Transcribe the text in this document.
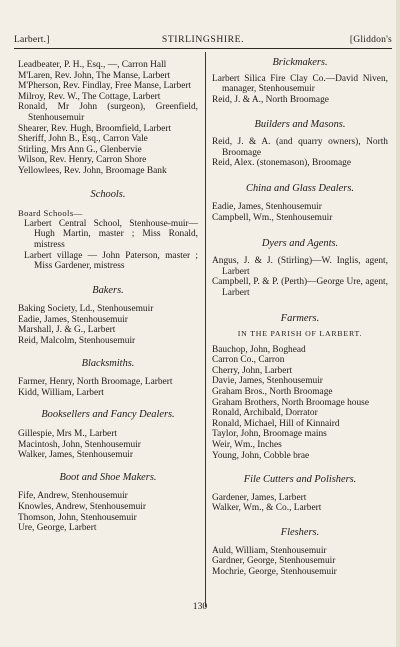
Larbert.]	STIRLINGSHIRE.	[Gliddon's
Leadbeater, P. H., Esq., —, Carron Hall
M'Laren, Rev. John, The Manse, Larbert
M'Pherson, Rev. Findlay, Free Manse, Larbert
Milroy, Rev. W., The Cottage, Larbert
Ronald, Mr John (surgeon), Greenfield, Stenhousemuir
Shearer, Rev. Hugh, Broomfield, Larbert
Sheriff, John B., Esq., Carron Vale
Stirling, Mrs Ann G., Glenbervie
Wilson, Rev. Henry, Carron Shore
Yellowlees, Rev. John, Broomage Bank

Schools.

Board Schools—
Larbert Central School, Stenhouse-muir—Hugh Martin, master ; Miss Ronald, mistress
Larbert village — John Paterson, master ; Miss Gardener, mistress

Bakers.

Baking Society, Ld., Stenhousemuir
Eadie, James, Stenhousemuir
Marshall, J. & G., Larbert
Reid, Malcolm, Stenhousemuir

Blacksmiths.

Farmer, Henry, North Broomage, Larbert
Kidd, William, Larbert

Booksellers and Fancy Dealers.

Gillespie, Mrs M., Larbert
Macintosh, John, Stenhousemuir
Walker, James, Stenhousemuir

Boot and Shoe Makers.

Fife, Andrew, Stenhousemuir
Knowles, Andrew, Stenhousemuir
Thomson, John, Stenhousemuir
Ure, George, Larbert

Brickmakers.

Larbert Silica Fire Clay Co.—David Niven, manager, Stenhousemuir
Reid, J. & A., North Broomage

Builders and Masons.

Reid, J. & A. (and quarry owners), North Broomage
Reid, Alex. (stonemason), Broomage

China and Glass Dealers.

Eadie, James, Stenhousemuir
Campbell, Wm., Stenhousemuir

Dyers and Agents.

Angus, J. & J. (Stirling)—W. Inglis, agent, Larbert
Campbell, P. & P. (Perth)—George Ure, agent, Larbert

Farmers.

IN THE PARISH OF LARBERT.

Bauchop, John, Boghead
Carron Co., Carron
Cherry, John, Larbert
Davie, James, Stenhousemuir
Graham Bros., North Broomage
Graham Brothers, North Broomage house
Ronald, Archibald, Dorrator
Ronald, Michael, Hill of Kinnaird
Taylor, John, Broomage mains
Weir, Wm., Inches
Young, John, Cobble brae

File Cutters and Polishers.

Gardener, James, Larbert
Walker, Wm., & Co., Larbert

Fleshers.

Auld, William, Stenhousemuir
Gardner, George, Stenhousemuir
Mochrie, George, Stenhousemuir
130
